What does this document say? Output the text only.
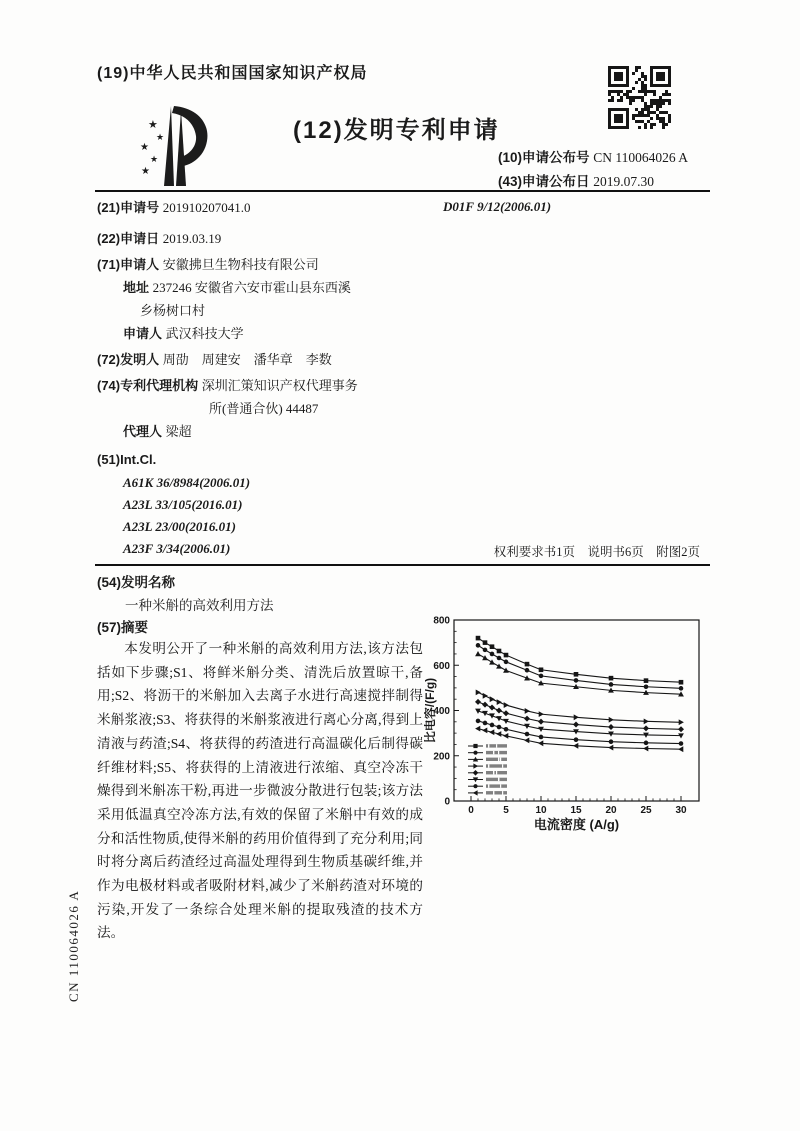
(19)中华人民共和国国家知识产权局
★
★
★
★
★
(12)发明专利申请
(10)申请公布号 CN 110064026 A
(43)申请公布日 2019.07.30
(21)申请号 201910207041.0
(22)申请日 2019.03.19
(71)申请人 安徽拂旦生物科技有限公司
地址 237246 安徽省六安市霍山县东西溪
乡杨树口村
申请人 武汉科技大学
(72)发明人 周劭　周建安　潘华章　李数
(74)专利代理机构 深圳汇策知识产权代理事务
所(普通合伙) 44487
代理人 梁超
(51)Int.Cl.
A61K 36/8984(2006.01)
A23L 33/105(2016.01)
A23L 23/00(2016.01)
A23F 3/34(2006.01)
D01F 9/12(2006.01)
权利要求书1页　说明书6页　附图2页
(54)发明名称
一种米斛的高效利用方法
(57)摘要
本发明公开了一种米斛的高效利用方法,该方法包括如下步骤;S1、将鲜米斛分类、清洗后放置晾干,备用;S2、将沥干的米斛加入去离子水进行高速搅拌制得米斛浆液;S3、将获得的米斛浆液进行离心分离,得到上清液与药渣;S4、将获得的药渣进行高温碳化后制得碳纤维材料;S5、将获得的上清液进行浓缩、真空冷冻干燥得到米斛冻干粉,再进一步微波分散进行包装;该方法采用低温真空冷冻方法,有效的保留了米斛中有效的成分和活性物质,使得米斛的药用价值得到了充分利用;同时将分离后药渣经过高温处理得到生物质基碳纤维,并作为电极材料或者吸附材料,减少了米斛药渣对环境的污染,开发了一条综合处理米斛的提取残渣的技术方法。
0
200
400
600
800
0	5	10 15 20 25 30
电流密度 (A/g)
比电容/(F/g)
CN 110064026 A
